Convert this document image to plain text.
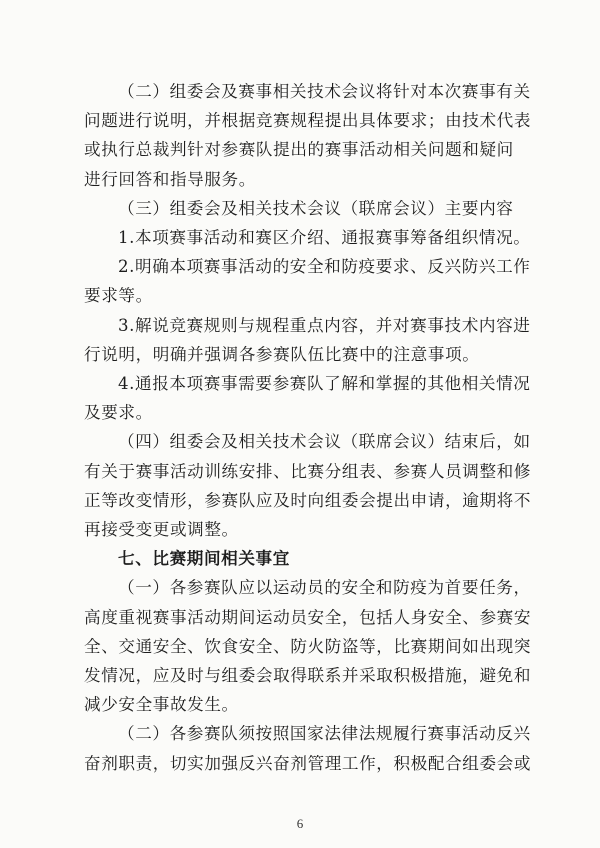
（二）组委会及赛事相关技术会议将针对本次赛事有关
问题进行说明，并根据竞赛规程提出具体要求；由技术代表
或执行总裁判针对参赛队提出的赛事活动相关问题和疑问
进行回答和指导服务。
（三）组委会及相关技术会议（联席会议）主要内容
1.本项赛事活动和赛区介绍、通报赛事筹备组织情况。
2.明确本项赛事活动的安全和防疫要求、反兴防兴工作
要求等。
3.解说竞赛规则与规程重点内容，并对赛事技术内容进
行说明，明确并强调各参赛队伍比赛中的注意事项。
4.通报本项赛事需要参赛队了解和掌握的其他相关情况
及要求。
（四）组委会及相关技术会议（联席会议）结束后，如
有关于赛事活动训练安排、比赛分组表、参赛人员调整和修
正等改变情形，参赛队应及时向组委会提出申请，逾期将不
再接受变更或调整。
七、比赛期间相关事宜
（一）各参赛队应以运动员的安全和防疫为首要任务，
高度重视赛事活动期间运动员安全，包括人身安全、参赛安
全、交通安全、饮食安全、防火防盗等，比赛期间如出现突
发情况，应及时与组委会取得联系并采取积极措施，避免和
减少安全事故发生。
（二）各参赛队须按照国家法律法规履行赛事活动反兴
奋剂职责，切实加强反兴奋剂管理工作，积极配合组委会或
6
